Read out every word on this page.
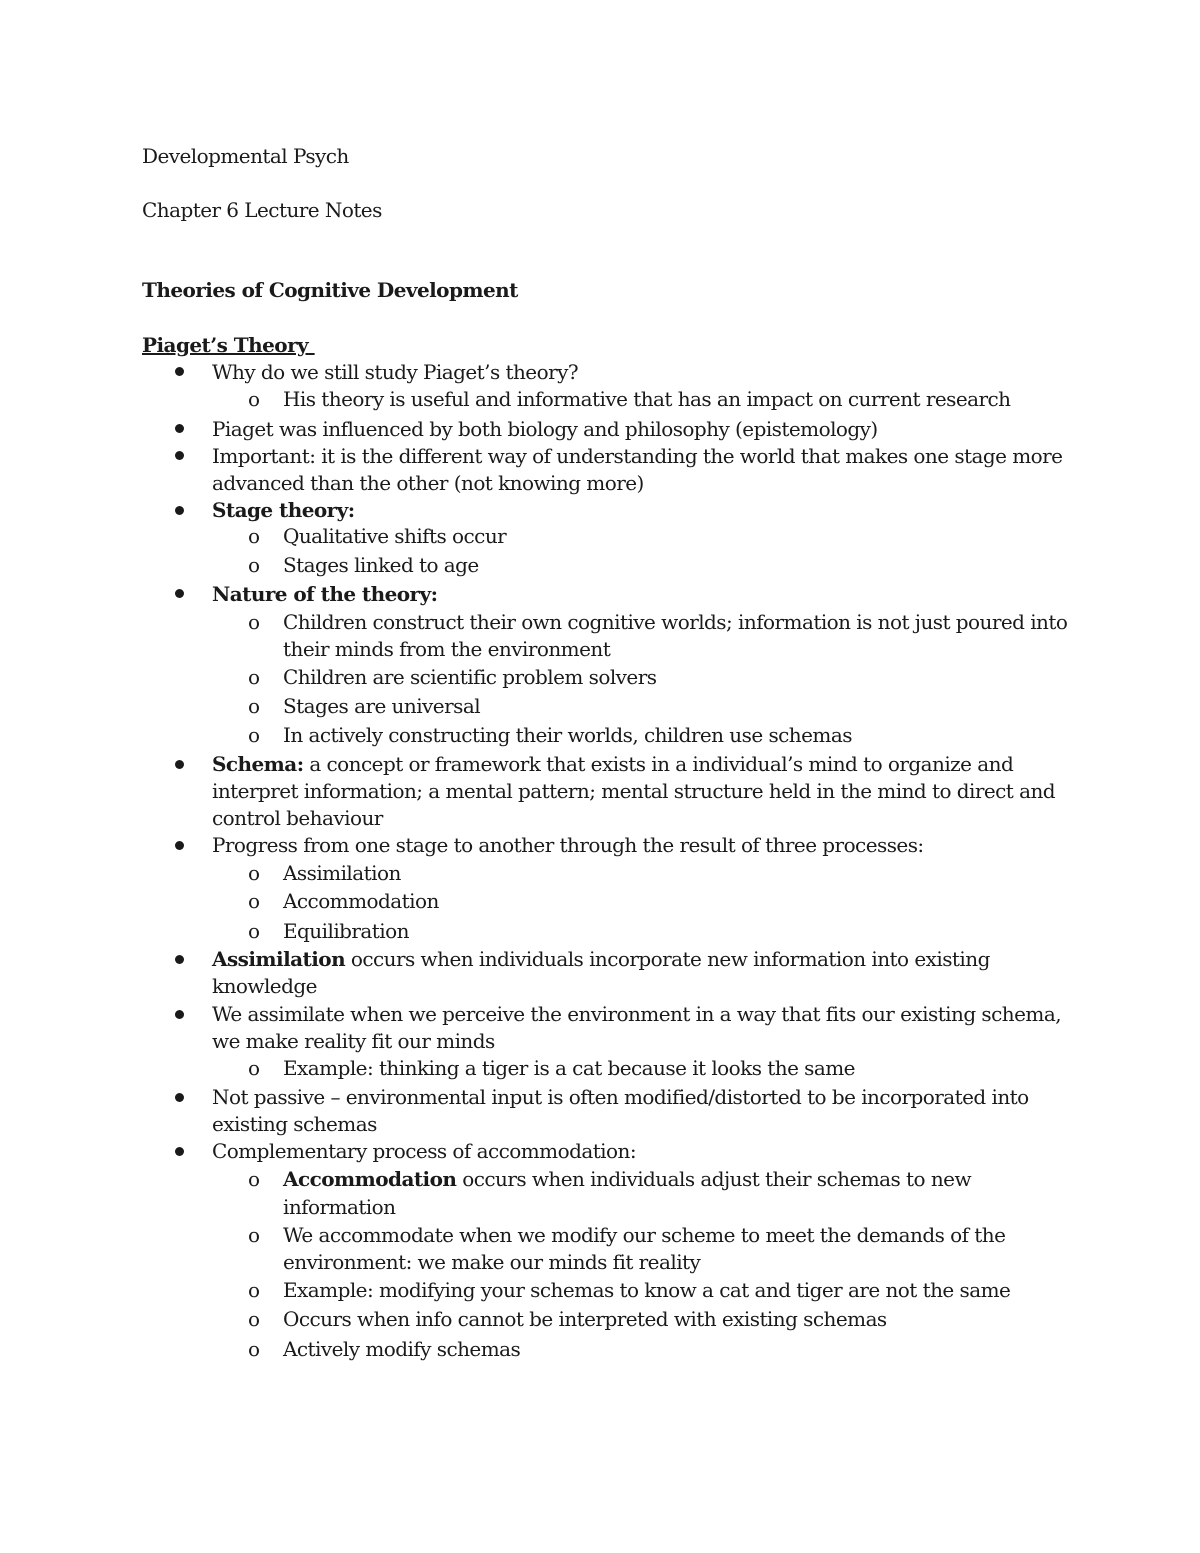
Developmental Psych
Chapter 6 Lecture Notes
Theories of Cognitive Development
Piaget’s Theory
Why do we still study Piaget’s theory?
o His theory is useful and informative that has an impact on current research
Piaget was influenced by both biology and philosophy (epistemology)
Important: it is the different way of understanding the world that makes one stage more
advanced than the other (not knowing more)
Stage theory:
o Qualitative shifts occur
o Stages linked to age
Nature of the theory:
o Children construct their own cognitive worlds; information is not just poured into
their minds from the environment
o Children are scientific problem solvers
o Stages are universal
o In actively constructing their worlds, children use schemas
Schema: a concept or framework that exists in a individual’s mind to organize and
interpret information; a mental pattern; mental structure held in the mind to direct and
control behaviour
Progress from one stage to another through the result of three processes:
o Assimilation
o Accommodation
o Equilibration
Assimilation occurs when individuals incorporate new information into existing
knowledge
We assimilate when we perceive the environment in a way that fits our existing schema,
we make reality fit our minds
o Example: thinking a tiger is a cat because it looks the same
Not passive – environmental input is often modified/distorted to be incorporated into
existing schemas
Complementary process of accommodation:
o Accommodation occurs when individuals adjust their schemas to new
information
o We accommodate when we modify our scheme to meet the demands of the
environment: we make our minds fit reality
o Example: modifying your schemas to know a cat and tiger are not the same
o Occurs when info cannot be interpreted with existing schemas
o Actively modify schemas
